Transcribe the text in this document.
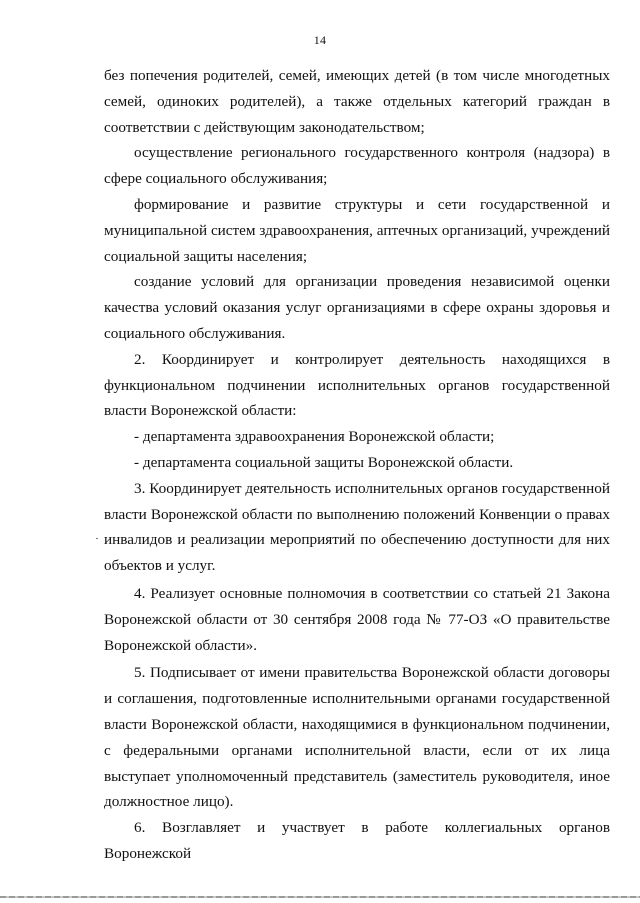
14

без попечения родителей, семей, имеющих детей (в том числе многодетных семей, одиноких родителей), а также отдельных категорий граждан в соответствии с действующим законодательством;

осуществление регионального государственного контроля (надзора) в сфере социального обслуживания;

формирование и развитие структуры и сети государственной и муниципальной систем здравоохранения, аптечных организаций, учреждений социальной защиты населения;

создание условий для организации проведения независимой оценки качества условий оказания услуг организациями в сфере охраны здоровья и социального обслуживания.

2. Координирует и контролирует деятельность находящихся в функциональном подчинении исполнительных органов государственной власти Воронежской области:

- департамента здравоохранения Воронежской области;

- департамента социальной защиты Воронежской области.

3. Координирует деятельность исполнительных органов государственной власти Воронежской области по выполнению положений Конвенции о правах инвалидов и реализации мероприятий по обеспечению доступности для них объектов и услуг.

4. Реализует основные полномочия в соответствии со статьей 21 Закона Воронежской области от 30 сентября 2008 года № 77-ОЗ «О правительстве Воронежской области».

5. Подписывает от имени правительства Воронежской области договоры и соглашения, подготовленные исполнительными органами государственной власти Воронежской области, находящимися в функциональном подчинении, с федеральными органами исполнительной власти, если от их лица выступает уполномоченный представитель (заместитель руководителя, иное должностное лицо).

6. Возглавляет и участвует в работе коллегиальных органов Воронежской
